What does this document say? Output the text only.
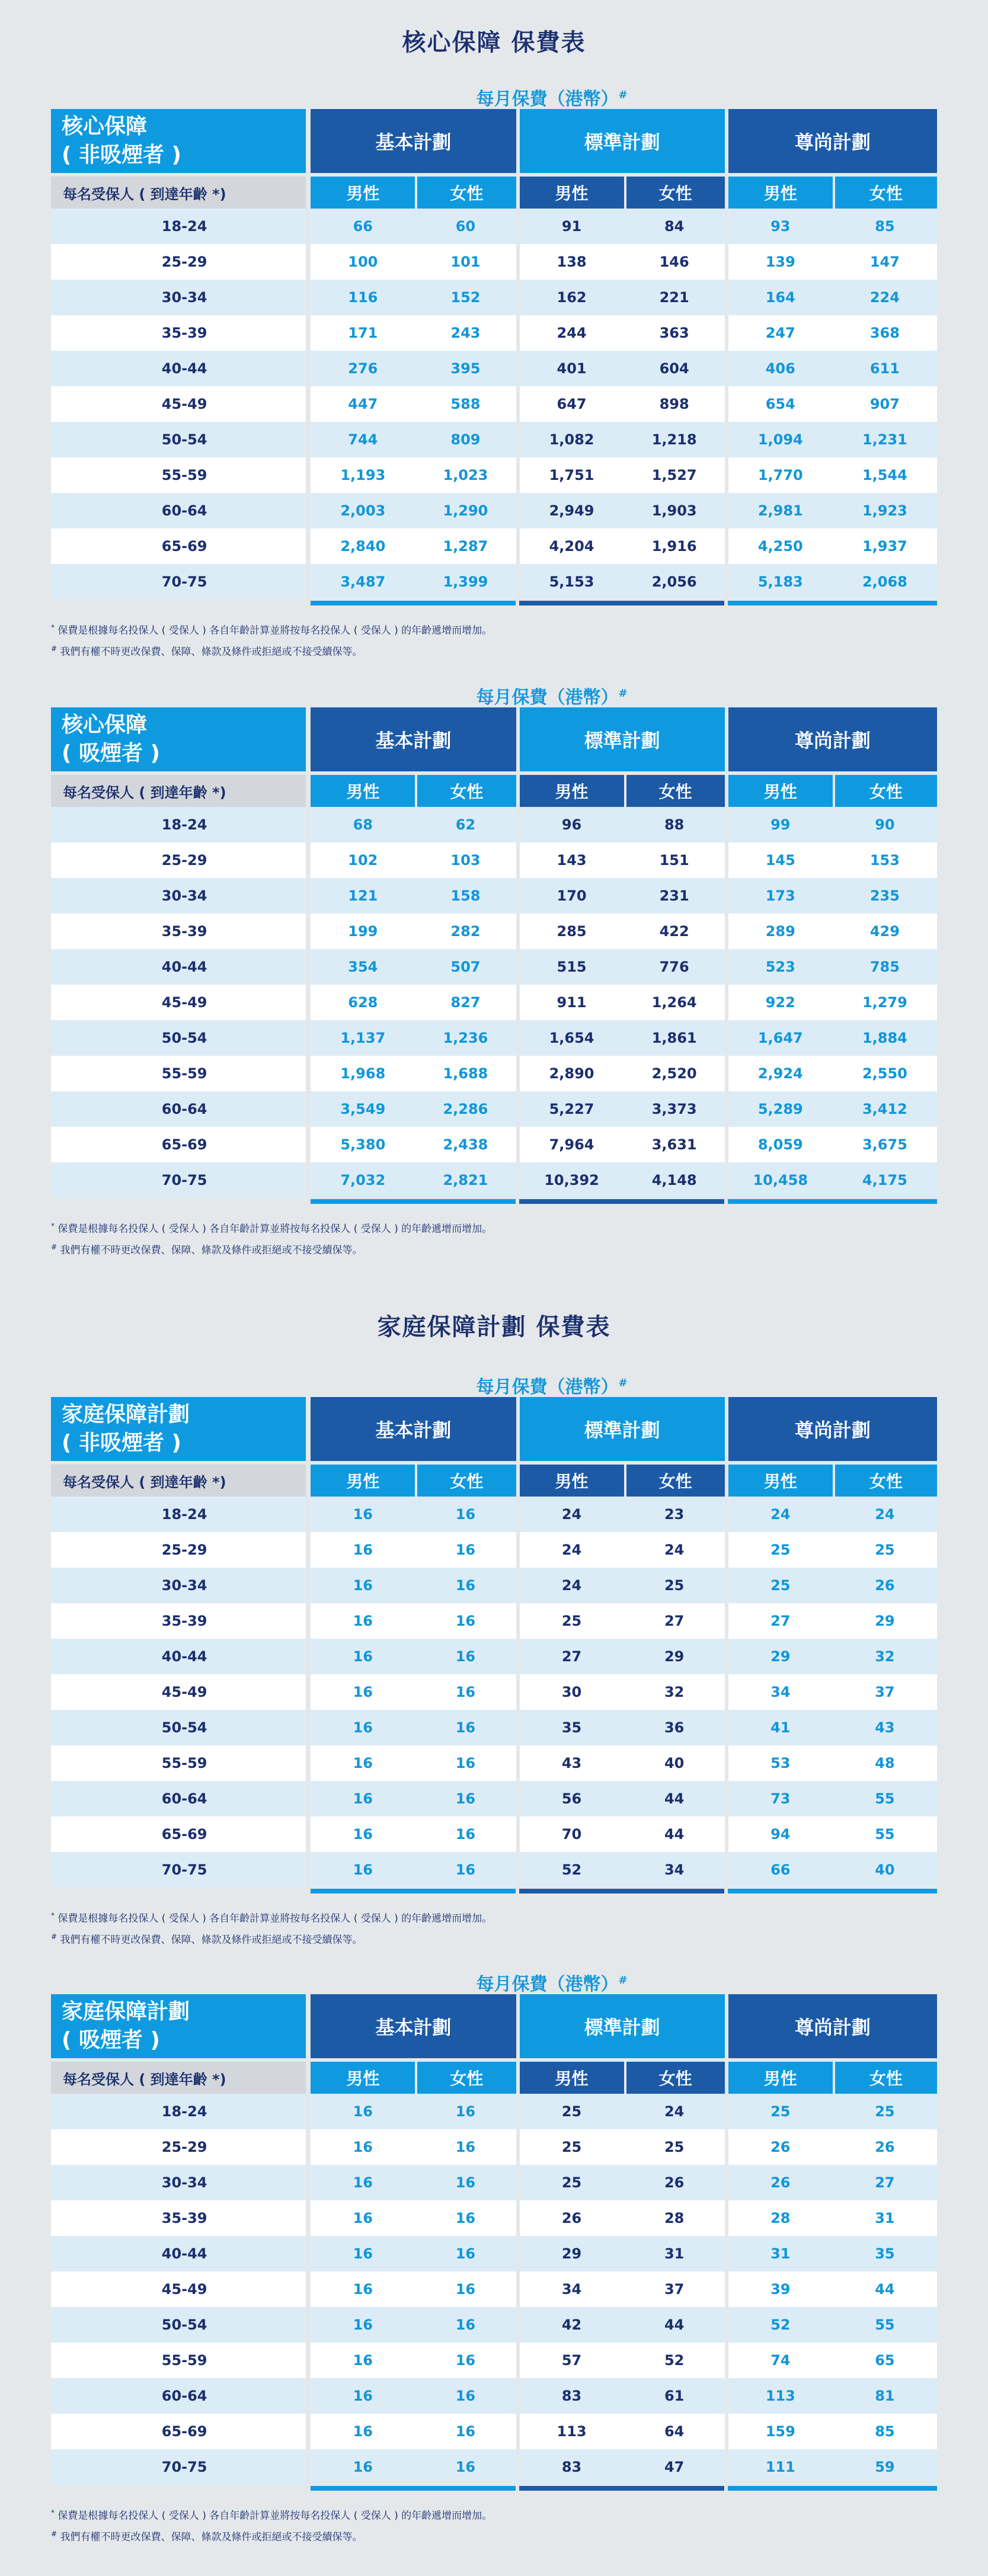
核心保障 保費表
每月保費（港幣）#
核心保障
( 非吸煙者 )	基本計劃		標準計劃		尊尚計劃	
每名受保人 ( 到達年齡 *)	男性	女性	男性	女性	男性	女性
18-24	66	60	91	84	93	85
25-29	100	101	138	146	139	147
30-34	116	152	162	221	164	224
35-39	171	243	244	363	247	368
40-44	276	395	401	604	406	611
45-49	447	588	647	898	654	907
50-54	744	809	1,082	1,218	1,094	1,231
55-59	1,193	1,023	1,751	1,527	1,770	1,544
60-64	2,003	1,290	2,949	1,903	2,981	1,923
65-69	2,840	1,287	4,204	1,916	4,250	1,937
70-75	3,487	1,399	5,153	2,056	5,183	2,068
* 保費是根據每名投保人 ( 受保人 ) 各自年齡計算並將按每名投保人 ( 受保人 ) 的年齡遞增而增加。
# 我們有權不時更改保費、保障、條款及條件或拒絕或不接受續保等。
每月保費（港幣）#
核心保障
( 吸煙者 )	基本計劃		標準計劃		尊尚計劃	
每名受保人 ( 到達年齡 *)	男性	女性	男性	女性	男性	女性
18-24	68	62	96	88	99	90
25-29	102	103	143	151	145	153
30-34	121	158	170	231	173	235
35-39	199	282	285	422	289	429
40-44	354	507	515	776	523	785
45-49	628	827	911	1,264	922	1,279
50-54	1,137	1,236	1,654	1,861	1,647	1,884
55-59	1,968	1,688	2,890	2,520	2,924	2,550
60-64	3,549	2,286	5,227	3,373	5,289	3,412
65-69	5,380	2,438	7,964	3,631	8,059	3,675
70-75	7,032	2,821	10,392	4,148	10,458	4,175
* 保費是根據每名投保人 ( 受保人 ) 各自年齡計算並將按每名投保人 ( 受保人 ) 的年齡遞增而增加。
# 我們有權不時更改保費、保障、條款及條件或拒絕或不接受續保等。
家庭保障計劃 保費表
每月保費（港幣）#
家庭保障計劃
( 非吸煙者 )	基本計劃		標準計劃		尊尚計劃	
每名受保人 ( 到達年齡 *)	男性	女性	男性	女性	男性	女性
18-24	16	16	24	23	24	24
25-29	16	16	24	24	25	25
30-34	16	16	24	25	25	26
35-39	16	16	25	27	27	29
40-44	16	16	27	29	29	32
45-49	16	16	30	32	34	37
50-54	16	16	35	36	41	43
55-59	16	16	43	40	53	48
60-64	16	16	56	44	73	55
65-69	16	16	70	44	94	55
70-75	16	16	52	34	66	40
* 保費是根據每名投保人 ( 受保人 ) 各自年齡計算並將按每名投保人 ( 受保人 ) 的年齡遞增而增加。
# 我們有權不時更改保費、保障、條款及條件或拒絕或不接受續保等。
每月保費（港幣）#
家庭保障計劃
( 吸煙者 )	基本計劃		標準計劃		尊尚計劃	
每名受保人 ( 到達年齡 *)	男性	女性	男性	女性	男性	女性
18-24	16	16	25	24	25	25
25-29	16	16	25	25	26	26
30-34	16	16	25	26	26	27
35-39	16	16	26	28	28	31
40-44	16	16	29	31	31	35
45-49	16	16	34	37	39	44
50-54	16	16	42	44	52	55
55-59	16	16	57	52	74	65
60-64	16	16	83	61	113	81
65-69	16	16	113	64	159	85
70-75	16	16	83	47	111	59
* 保費是根據每名投保人 ( 受保人 ) 各自年齡計算並將按每名投保人 ( 受保人 ) 的年齡遞增而增加。
# 我們有權不時更改保費、保障、條款及條件或拒絕或不接受續保等。
